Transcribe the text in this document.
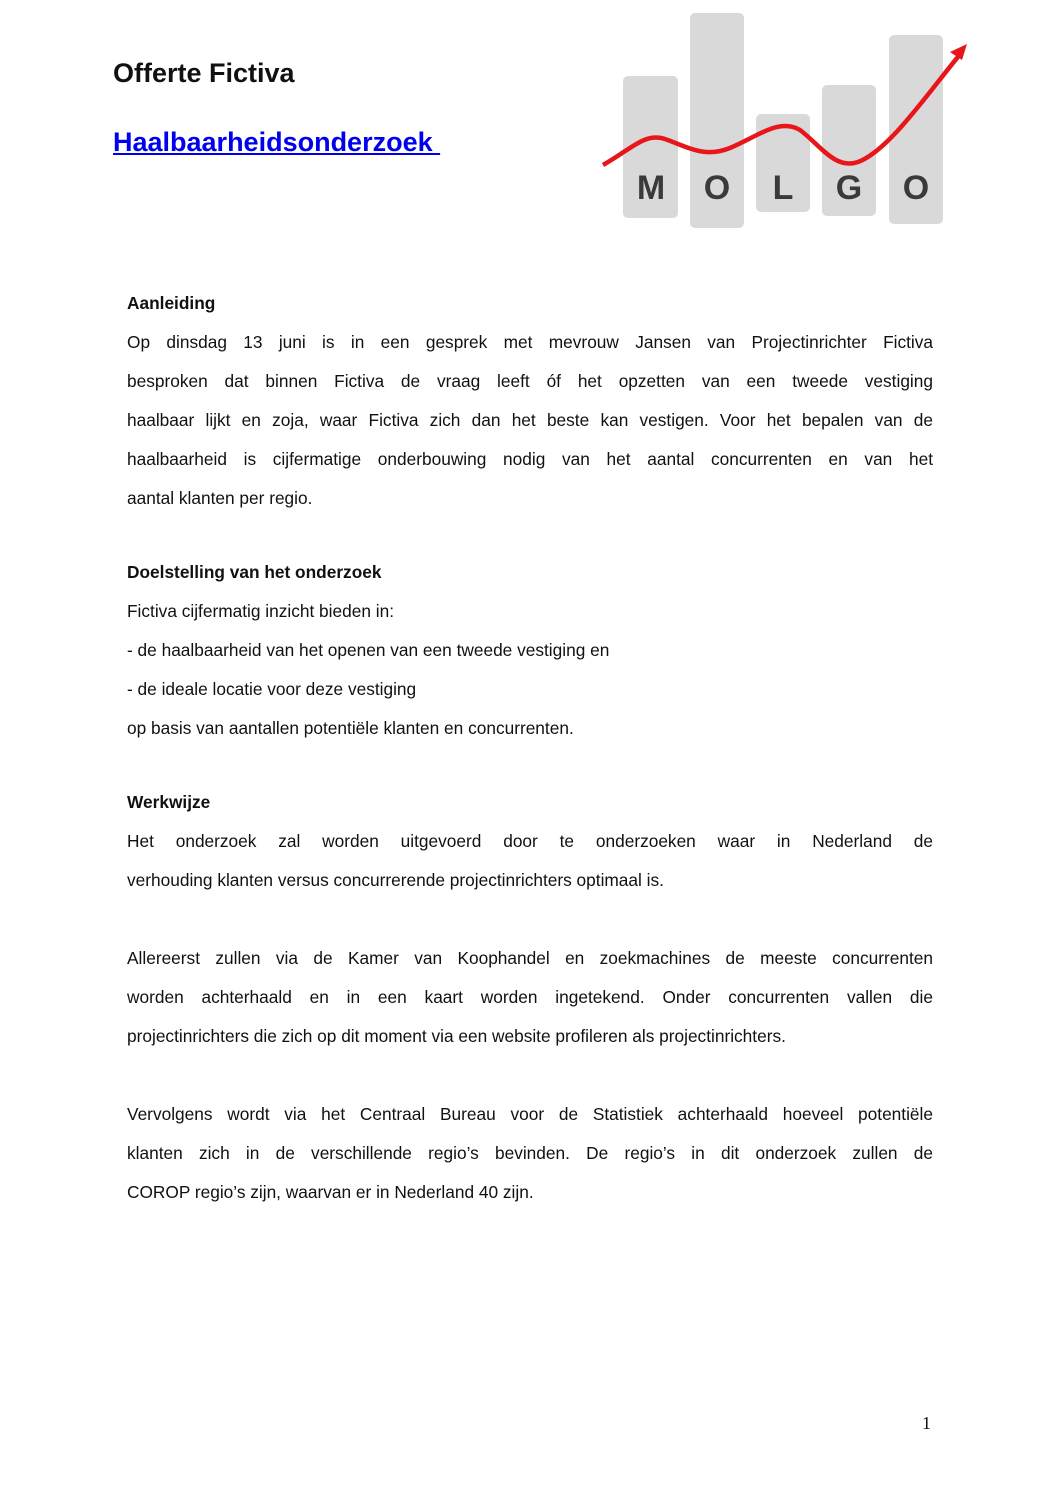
Offerte Fictiva
Haalbaarheidsonderzoek
M O L G O
Aanleiding
Op dinsdag 13 juni is in een gesprek met mevrouw Jansen van Projectinrichter Fictiva
besproken dat binnen Fictiva de vraag leeft óf het opzetten van een tweede vestiging
haalbaar lijkt en zoja, waar Fictiva zich dan het beste kan vestigen. Voor het bepalen van de
haalbaarheid is cijfermatige onderbouwing nodig van het aantal concurrenten en van het
aantal klanten per regio.
Doelstelling van het onderzoek
Fictiva cijfermatig inzicht bieden in:
- de haalbaarheid van het openen van een tweede vestiging en
- de ideale locatie voor deze vestiging
op basis van aantallen potentiële klanten en concurrenten.
Werkwijze
Het onderzoek zal worden uitgevoerd door te onderzoeken waar in Nederland de
verhouding klanten versus concurrerende projectinrichters optimaal is.
Allereerst zullen via de Kamer van Koophandel en zoekmachines de meeste concurrenten
worden achterhaald en in een kaart worden ingetekend. Onder concurrenten vallen die
projectinrichters die zich op dit moment via een website profileren als projectinrichters.
Vervolgens wordt via het Centraal Bureau voor de Statistiek achterhaald hoeveel potentiële
klanten zich in de verschillende regio’s bevinden. De regio’s in dit onderzoek zullen de
COROP regio’s zijn, waarvan er in Nederland 40 zijn.
1
